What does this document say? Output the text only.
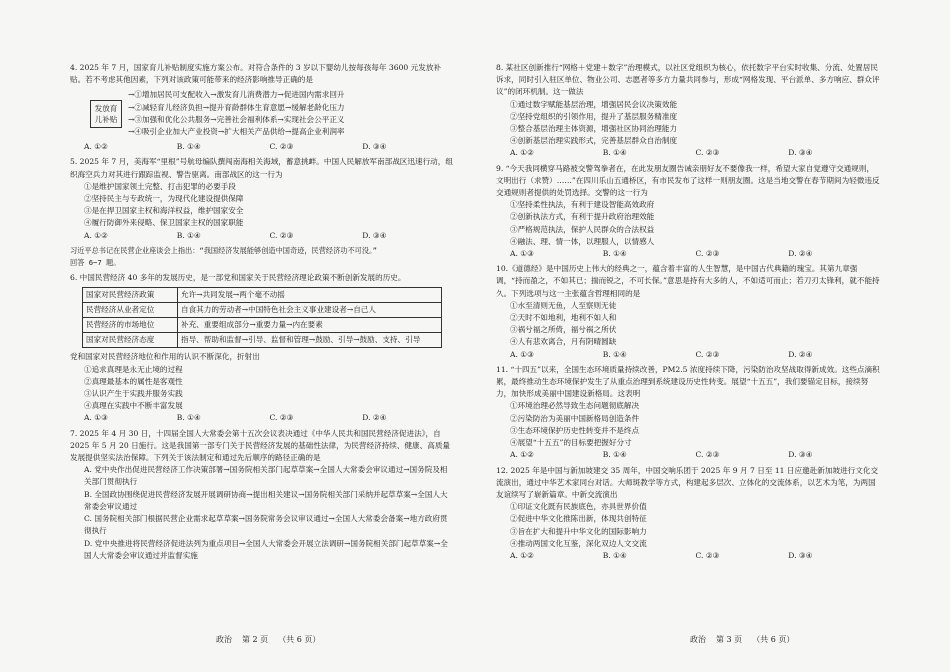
4. 2025 年 7 月，国家育儿补贴制度实施方案公布。对符合条件的 3 岁以下婴幼儿按每孩每年 3600 元发放补贴。若不考虑其他因素，下列对该政策可能带来的经济影响推导正确的是
发放育儿补贴
→①增加居民可支配收入→激发育儿消费潜力→促进国内需求回升
→②减轻育儿经济负担→提升育龄群体生育意愿→缓解老龄化压力
→③加强和优化公共服务→完善社会福利体系→实现社会公平正义
→④吸引企业加大产业投资→扩大相关产品供给→提高企业利润率
A. ①②	B. ①④	C. ②③	D. ③④
5. 2025 年 7 月，美海军“里根”号航母编队撰闯南海相关海域，蓄意挑衅。中国人民解放军南部战区迅速行动，组织海空兵力对其进行跟踪监视、警告驱离。南部战区的这一行为
①是维护国家领土完整、打击犯罪的必要手段
②坚持民主与专政统一，为现代化建设提供保障
③是在捍卫国家主权和海洋权益，维护国家安全
④履行防御外来侵略、保卫国家主权的国家职能
A. ①②	B. ①④	C. ②③	D. ③④
习近平总书记在民营企业座谈会上指出：“我国经济发展能够创造中国奇迹，民营经济功不可没。”
回答 6~7 题。
6. 中国民营经济 40 多年的发展历史，是一部党和国家关于民营经济理论政策不断创新发展的历史。
国家对民营经济政策	允许→共同发展→两个毫不动摇
民营经济从业者定位	自食其力的劳动者→中国特色社会主义事业建设者→自己人
民营经济的市场地位	补充、重要组成部分→重要力量→内在要素
国家对民营经济态度	指导、帮助和监督→引导、监督和管理→鼓励、引导→鼓励、支持、引导
党和国家对民营经济地位和作用的认识不断深化，折射出
①追求真理是永无止境的过程
②真理最基本的属性是客观性
③认识产生于实践并服务实践
④真理在实践中不断丰富发展
A. ①③	B. ①④	C. ②③	D. ②④
7. 2025 年 4 月 30 日，十四届全国人大常委会第十五次会议表决通过《中华人民共和国民营经济促进法》，自 2025 年 5 月 20 日施行。这是我国第一部专门关于民营经济发展的基础性法律，为民营经济持续、健康、高质量发展提供坚实法治保障。下列关于该法制定和通过先后顺序的路径正确的是
A. 党中央作出促进民营经济工作决策部署→国务院相关部门起草草案→全国人大常委会审议通过→国务院及相关部门贯彻执行
B. 全国政协围绕促进民营经济发展开展调研协商→提出相关建议→国务院相关部门采纳并起草草案→全国人大常委会审议通过
C. 国务院相关部门根据民营企业需求起草草案→国务院常务会议审议通过→全国人大常委会备案→地方政府贯彻执行
D. 党中央推进将民营经济促进法列为重点项目→全国人大常委会开展立法调研→国务院相关部门起草草案→全国人大常委会审议通过并监督实施
8. 某社区创新推行“网格＋党建＋数字”治理模式，以社区党组织为核心，依托数字平台实时收集、分流、处置居民诉求，同时引入驻区单位、物业公司、志愿者等多方力量共同参与，形成“网格发现、平台派单、多方响应、群众评议”的闭环机制。这一做法
①通过数字赋能基层治理，增强居民会议决策效能
②坚持党组织的引领作用，提升了基层服务精准度
③整合基层治理主体资源，增强社区协同治理能力
④创新基层治理实践形式，完善基层群众自治制度
A. ①②	B. ①④	C. ②③	D. ③④
9. “今天我同横穿马路被交警驾拳者在，在此发朋友圈告诫亲朋好友不要像我一样，希望大家自觉遵守交通规则，文明出行（求赞）……”在四川乐山五通桥区，有市民发布了这样一则朋友圈。这是当地交警在春节期间为轻微违反交通规则者提供的处罚选择。交警的这一行为
①坚持柔性执法，有利于建设智能高效政府
②创新执法方式，有利于提升政府治理效能
③严格规范执法，保护人民群众的合法权益
④融法、理、情一体，以理服人，以情感人
A. ①③	B. ①④	C. ②③	D. ②④
10.《道德经》是中国历史上伟大的经典之一，蕴含着丰富的人生智慧，是中国古代典籍的瑰宝。其第九章强调，“持而盈之，不如其已；揣而锐之，不可长保。”意思是持有大多的人，不如适可而止；若刀刃太锋利，就不能持久。下列选项与这一主张蕴含哲理相同的是
①水至清则无鱼，人至察则无徒
②天时不如地利，地利不如人和
③祸兮福之所倚，福兮祸之所伏
④人有悲欢离合，月有阴晴圆缺
A. ①③	B. ①④	C. ②③	D. ②④
11. “十四五”以来，全国生态环境质量持续改善，PM2.5 浓度持续下降，污染防治攻坚战取得新成效。这些点滴积累，最终推动生态环境保护发生了从重点治理到系统建设历史性转变。展望“十五五”，我们要锚定目标，接续努力，加快形成美丽中国建设新格局。这表明
①环境治理必然导致生态问题彻底解决
②污染防治为美丽中国新格局创造条件
③生态环境保护历史性转变并不是终点
④展望“十五五”的目标要把握好分寸
A. ①②	B. ①④	C. ②③	D. ③④
12. 2025 年是中国与新加坡建交 35 周年，中国交响乐团于 2025 年 9 月 7 日至 11 日应邀赴新加坡进行文化交流演出，通过中华艺术家同台对话。大师斑教学等方式，构建起多层次、立体化的交流体系，以艺术为笔，为两国友谊续写了崭新篇章。中新交流演出
①印证文化既有民族底色，亦具世界价值
②促进中华文化推陈出新，体现共创特征
③旨在扩大和提升中华文化的国际影响力
④推动两国文化互鉴，深化双边人文交流
A. ①②	B. ①④	C. ②③	D. ③④
政治 第 2 页 （共 6 页）	政治 第 3 页 （共 6 页）
